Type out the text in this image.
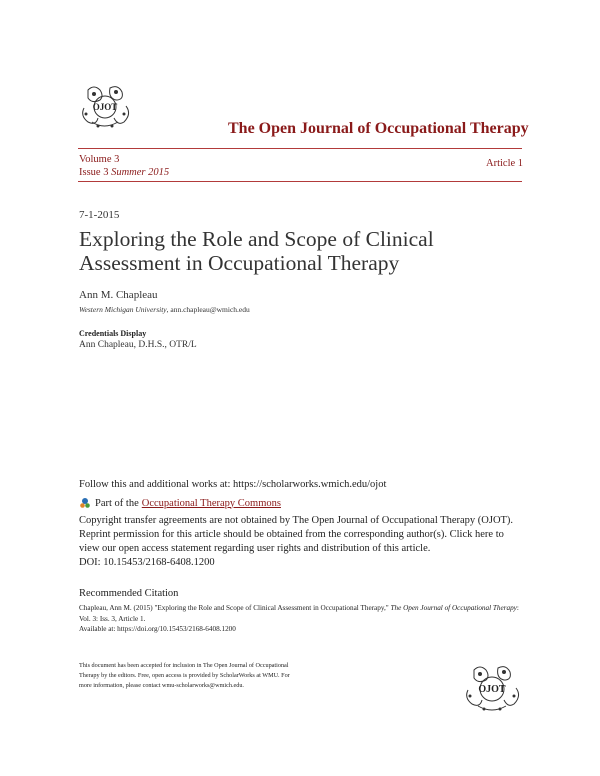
OJOT
The Open Journal of Occupational Therapy
Volume 3
Issue 3 Summer 2015
Article 1
7-1-2015
Exploring the Role and Scope of Clinical Assessment in Occupational Therapy
Ann M. Chapleau
Western Michigan University, ann.chapleau@wmich.edu
Credentials Display
Ann Chapleau, D.H.S., OTR/L
Follow this and additional works at: https://scholarworks.wmich.edu/ojot
Part of the Occupational Therapy Commons
Copyright transfer agreements are not obtained by The Open Journal of Occupational Therapy (OJOT). Reprint permission for this article should be obtained from the corresponding author(s). Click here to view our open access statement regarding user rights and distribution of this article.
DOI: 10.15453/2168-6408.1200
Recommended Citation
Chapleau, Ann M. (2015) "Exploring the Role and Scope of Clinical Assessment in Occupational Therapy," The Open Journal of Occupational Therapy: Vol. 3: Iss. 3, Article 1.
Available at: https://doi.org/10.15453/2168-6408.1200
This document has been accepted for inclusion in The Open Journal of Occupational Therapy by the editors. Free, open access is provided by ScholarWorks at WMU. For more information, please contact wmu-scholarworks@wmich.edu.	OJOT
